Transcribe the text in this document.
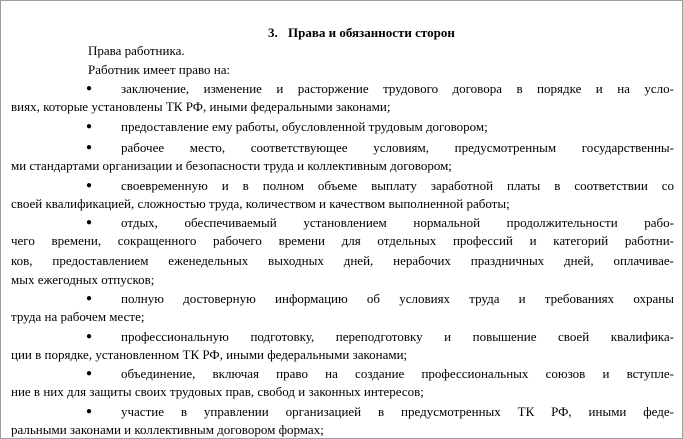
3. Права и обязанности сторон
Права работника.
Работник имеет право на:
● заключение, изменение и расторжение трудового договора в порядке и на усло-
виях, которые установлены ТК РФ, иными федеральными законами;
● предоставление ему работы, обусловленной трудовым договором;
● рабочее место, соответствующее условиям, предусмотренным государственны-
ми стандартами организации и безопасности труда и коллективным договором;
● своевременную и в полном объеме выплату заработной платы в соответствии со
своей квалификацией, сложностью труда, количеством и качеством выполненной работы;
● отдых, обеспечиваемый установлением нормальной продолжительности рабо-
чего времени, сокращенного рабочего времени для отдельных профессий и категорий работни-
ков, предоставлением еженедельных выходных дней, нерабочих праздничных дней, оплачивае-
мых ежегодных отпусков;
● полную достоверную информацию об условиях труда и требованиях охраны
труда на рабочем месте;
● профессиональную подготовку, переподготовку и повышение своей квалифика-
ции в порядке, установленном ТК РФ, иными федеральными законами;
● объединение, включая право на создание профессиональных союзов и вступле-
ние в них для защиты своих трудовых прав, свобод и законных интересов;
● участие в управлении организацией в предусмотренных ТК РФ, иными феде-
ральными законами и коллективным договором формах;
